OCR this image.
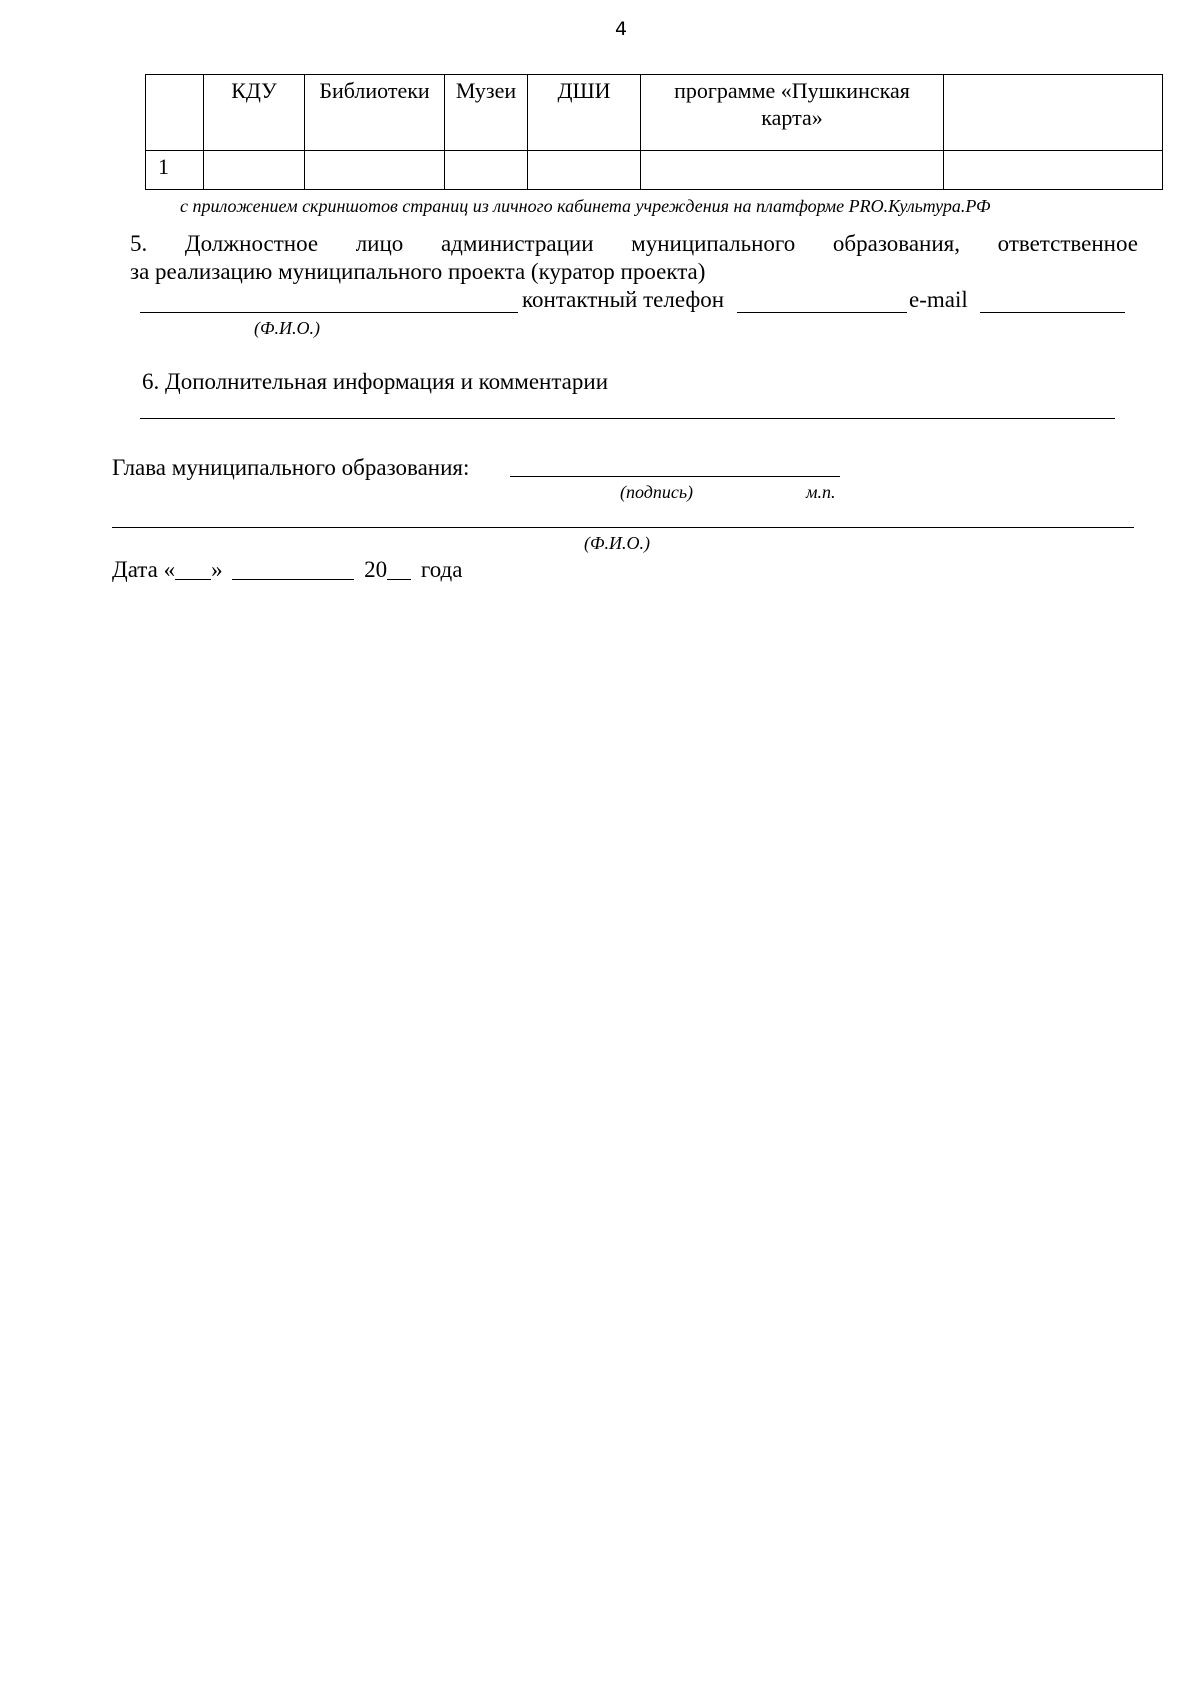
4
	КДУ	Библиотеки	Музеи	ДШИ	программе «Пушкинская карта»	
1						
с приложением скриншотов страниц из личного кабинета учреждения на платформе PRO.Культура.РФ
5. Должностное лицо администрации муниципального образования, ответственное
за реализацию муниципального проекта (куратор проекта)
контактный телефон	e-mail
(Ф.И.О.)
6. Дополнительная информация и комментарии
Глава муниципального образования:
(подпись)	м.п.
(Ф.И.О.)
Дата « »	20 года
